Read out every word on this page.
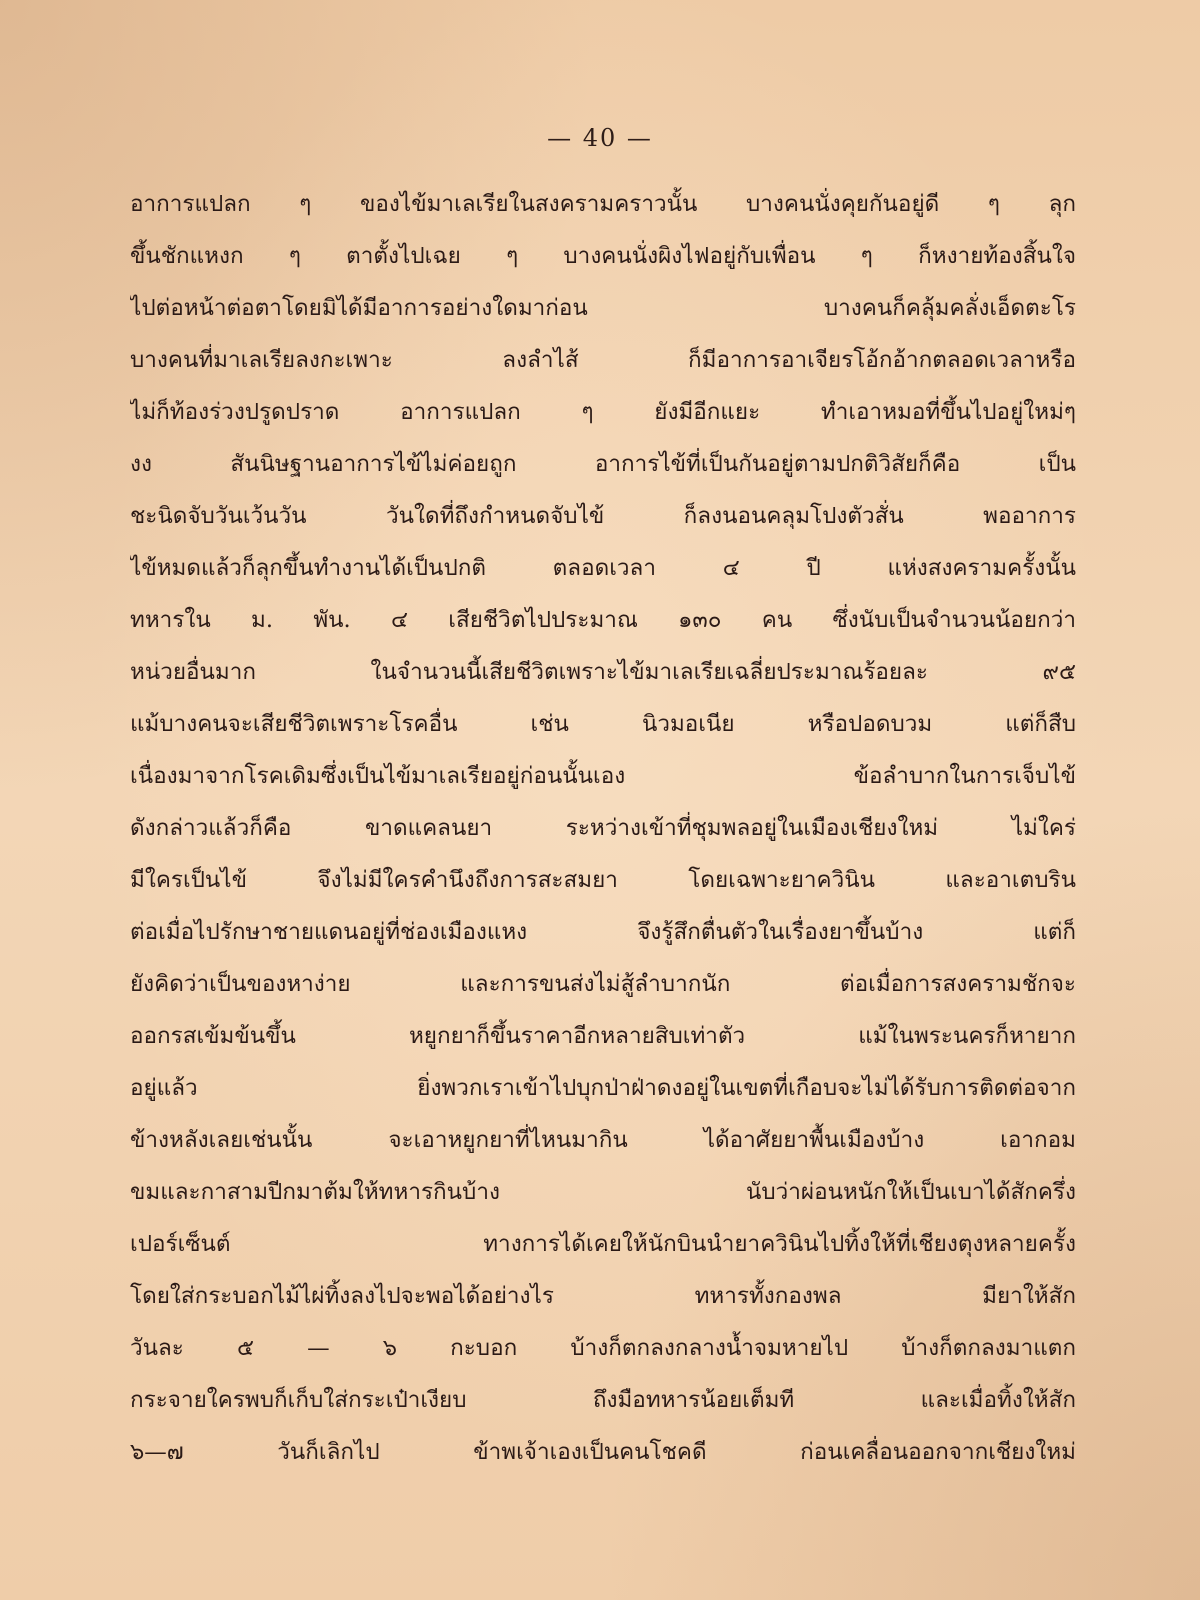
— 40 —
อาการแปลก ๆ ของไข้มาเลเรียในสงครามคราวนั้น บางคนนั่งคุยกันอยู่ดี ๆ ลุก
ขึ้นชักแหงก ๆ ตาตั้งไปเฉย ๆ บางคนนั่งผิงไฟอยู่กับเพื่อน ๆ ก็หงายท้องสิ้นใจ
ไปต่อหน้าต่อตาโดยมิได้มีอาการอย่างใดมาก่อน บางคนก็คลุ้มคลั่งเอ็ดตะโร
บางคนที่มาเลเรียลงกะเพาะ ลงลำไส้ ก็มีอาการอาเจียรโอ้กอ้ากตลอดเวลาหรือ
ไม่ก็ท้องร่วงปรูดปราด อาการแปลก ๆ ยังมีอีกแยะ ทำเอาหมอที่ขึ้นไปอยู่ใหม่ๆ
งง สันนิษฐานอาการไข้ไม่ค่อยถูก อาการไข้ที่เป็นกันอยู่ตามปกติวิสัยก็คือ เป็น
ชะนิดจับวันเว้นวัน วันใดที่ถึงกำหนดจับไข้ ก็ลงนอนคลุมโปงตัวสั่น พออาการ
ไข้หมดแล้วก็ลุกขึ้นทำงานได้เป็นปกติ ตลอดเวลา ๔ ปี แห่งสงครามครั้งนั้น
ทหารใน ม. พัน. ๔ เสียชีวิตไปประมาณ ๑๓๐ คน ซึ่งนับเป็นจำนวนน้อยกว่า
หน่วยอื่นมาก ในจำนวนนี้เสียชีวิตเพราะไข้มาเลเรียเฉลี่ยประมาณร้อยละ ๙๕
แม้บางคนจะเสียชีวิตเพราะโรคอื่น เช่น นิวมอเนีย หรือปอดบวม แต่ก็สืบ
เนื่องมาจากโรคเดิมซึ่งเป็นไข้มาเลเรียอยู่ก่อนนั้นเอง ข้อลำบากในการเจ็บไข้
ดังกล่าวแล้วก็คือ ขาดแคลนยา ระหว่างเข้าที่ชุมพลอยู่ในเมืองเชียงใหม่ ไม่ใคร่
มีใครเป็นไข้ จึงไม่มีใครคำนึงถึงการสะสมยา โดยเฉพาะยาควินิน และอาเตบริน
ต่อเมื่อไปรักษาชายแดนอยู่ที่ช่องเมืองแหง จึงรู้สึกตื่นตัวในเรื่องยาขึ้นบ้าง แต่ก็
ยังคิดว่าเป็นของหาง่าย และการขนส่งไม่สู้ลำบากนัก ต่อเมื่อการสงครามชักจะ
ออกรสเข้มข้นขึ้น หยูกยาก็ขึ้นราคาอีกหลายสิบเท่าตัว แม้ในพระนครก็หายาก
อยู่แล้ว ยิ่งพวกเราเข้าไปบุกป่าฝ่าดงอยู่ในเขตที่เกือบจะไม่ได้รับการติดต่อจาก
ข้างหลังเลยเช่นนั้น จะเอาหยูกยาที่ไหนมากิน ได้อาศัยยาพื้นเมืองบ้าง เอากอม
ขมและกาสามปีกมาต้มให้ทหารกินบ้าง นับว่าผ่อนหนักให้เป็นเบาได้สักครึ่ง
เปอร์เซ็นต์ ทางการได้เคยให้นักบินนำยาควินินไปทิ้งให้ที่เชียงตุงหลายครั้ง
โดยใส่กระบอกไม้ไผ่ทิ้งลงไปจะพอได้อย่างไร ทหารทั้งกองพล มียาให้สัก
วันละ ๕ — ๖ กะบอก บ้างก็ตกลงกลางน้ำจมหายไป บ้างก็ตกลงมาแตก
กระจายใครพบก็เก็บใส่กระเป๋าเงียบ ถึงมือทหารน้อยเต็มที และเมื่อทิ้งให้สัก
๖—๗ วันก็เลิกไป ข้าพเจ้าเองเป็นคนโชคดี ก่อนเคลื่อนออกจากเชียงใหม่
